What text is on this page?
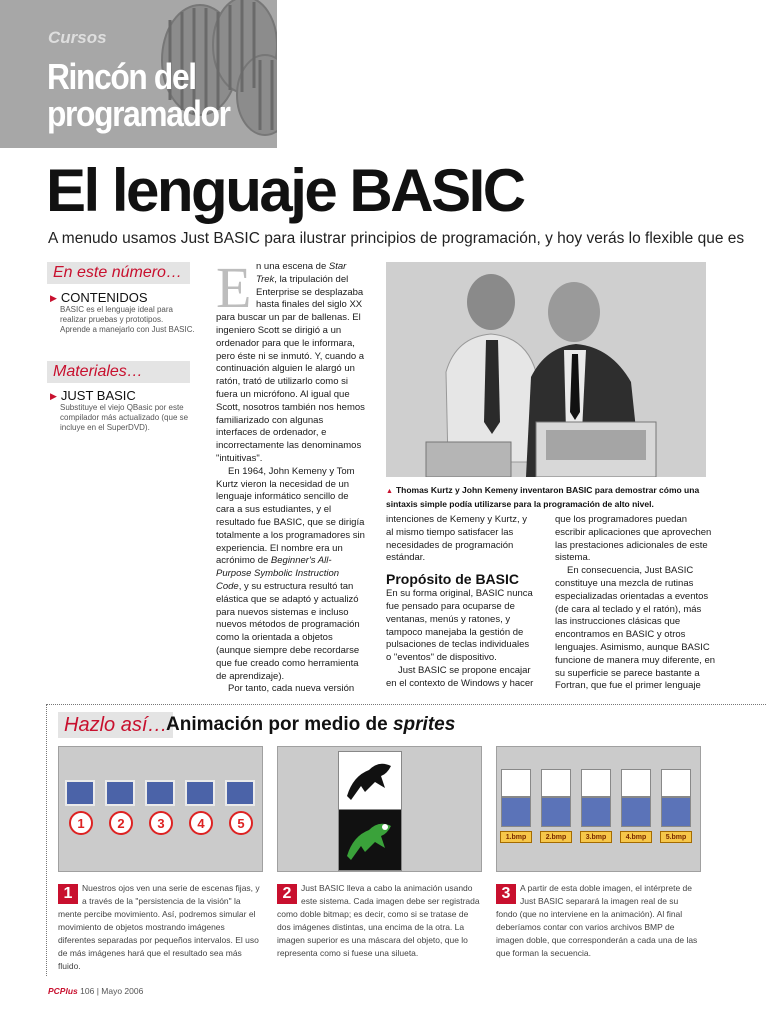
Cursos
Rincón del
programador
El lenguaje BASIC
A menudo usamos Just BASIC para ilustrar principios de programación, y hoy verás lo flexible que es
En este número…
▶ CONTENIDOS
BASIC es el lenguaje ideal para realizar pruebas y prototipos. Aprende a manejarlo con Just BASIC.
Materiales…
▶ JUST BASIC
Substituye el viejo QBasic por este compilador más actualizado (que se incluye en el SuperDVD).
E n una escena de Star Trek, la tripulación del Enterprise se desplazaba hasta finales del siglo XX para buscar un par de ballenas. El ingeniero Scott se dirigió a un ordenador para que le informara, pero éste ni se inmutó. Y, cuando a continuación alguien le alargó un ratón, trató de utilizarlo como si fuera un micrófono. Al igual que Scott, nosotros también nos hemos familiarizado con algunas interfaces de ordenador, e incorrectamente las denominamos "intuitivas".

En 1964, John Kemeny y Tom Kurtz vieron la necesidad de un lenguaje informático sencillo de cara a sus estudiantes, y el resultado fue BASIC, que se dirigía totalmente a los programadores sin experiencia. El nombre era un acrónimo de Beginner's All-Purpose Symbolic Instruction Code, y su estructura resultó tan elástica que se adaptó y actualizó para nuevos sistemas e incluso nuevos métodos de programación como la orientada a objetos (aunque siempre debe recordarse que fue creado como herramienta de aprendizaje).

Por tanto, cada nueva versión

▲ Thomas Kurtz y John Kemeny inventaron BASIC para demostrar cómo una sintaxis simple podía utilizarse para la programación de alto nivel.

intenciones de Kemeny y Kurtz, y al mismo tiempo satisfacer las necesidades de programación estándar.

Propósito de BASIC

En su forma original, BASIC nunca fue pensado para ocuparse de ventanas, menús y ratones, y tampoco manejaba la gestión de pulsaciones de teclas individuales o "eventos" de dispositivo.

Just BASIC se propone encajar en el contexto de Windows y hacer

que los programadores puedan escribir aplicaciones que aprovechen las prestaciones adicionales de este sistema.

En consecuencia, Just BASIC constituye una mezcla de rutinas especializadas orientadas a eventos (de cara al teclado y el ratón), más las instrucciones clásicas que encontramos en BASIC y otros lenguajes. Asimismo, aunque BASIC funcione de manera muy diferente, en su superficie se parece bastante a Fortran, que fue el primer lenguaje

Hazlo así…
Animación por medio de sprites
1	2	3	4	5
1.bmp	2.bmp	3.bmp	4.bmp	5.bmp
1	Nuestros ojos ven una serie de escenas fijas, y a través de la "persistencia de la visión" la mente percibe movimiento. Así, podremos simular el movimiento de objetos mostrando imágenes diferentes separadas por pequeños intervalos. El uso de más imágenes hará que el resultado sea más fluido.
2	Just BASIC lleva a cabo la animación usando este sistema. Cada imagen debe ser registrada como doble bitmap; es decir, como si se tratase de dos imágenes distintas, una encima de la otra. La imagen superior es una máscara del objeto, que lo representa como si fuese una silueta.
3	A partir de esta doble imagen, el intérprete de Just BASIC separará la imagen real de su fondo (que no interviene en la animación). Al final deberíamos contar con varios archivos BMP de imagen doble, que corresponderán a cada una de las que forman la secuencia.
PCPlus 106 | Mayo 2006
